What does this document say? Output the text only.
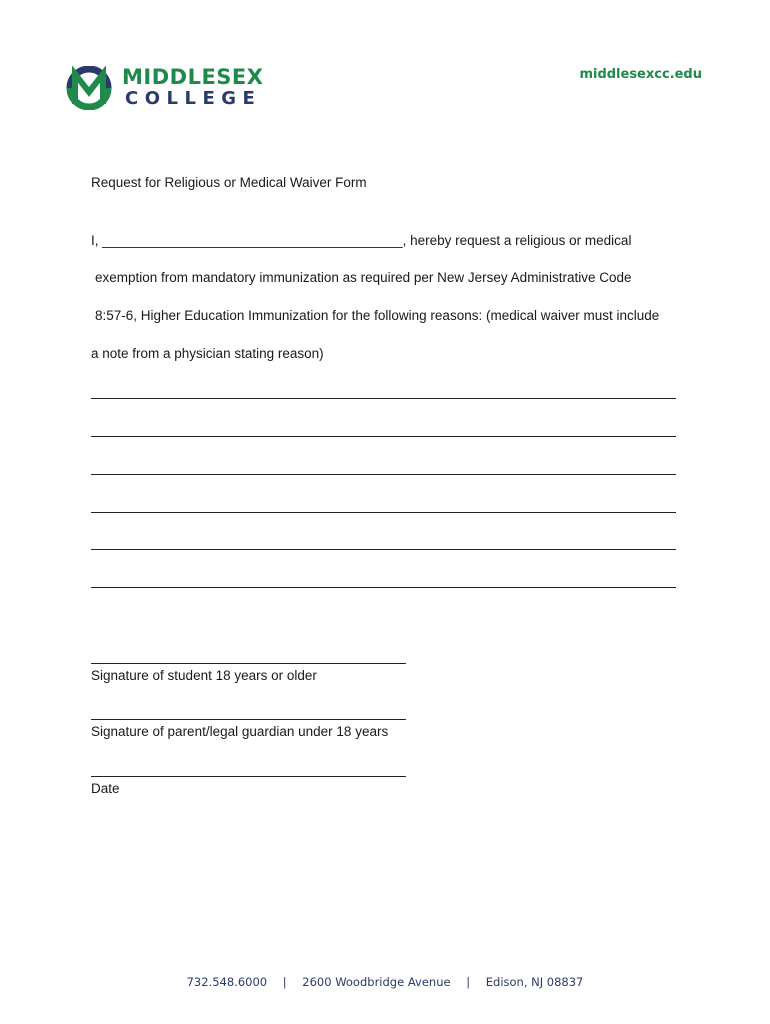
MIDDLESEX
COLLEGE
middlesexcc.edu
Request for Religious or Medical Waiver Form
I, ________________________________________, hereby request a religious or medical
exemption from mandatory immunization as required per New Jersey Administrative Code
8:57-6, Higher Education Immunization for the following reasons: (medical waiver must include
a note from a physician stating reason)
Signature of student 18 years or older
Signature of parent/legal guardian under 18 years
Date
732.548.6000 | 2600 Woodbridge Avenue | Edison, NJ 08837
